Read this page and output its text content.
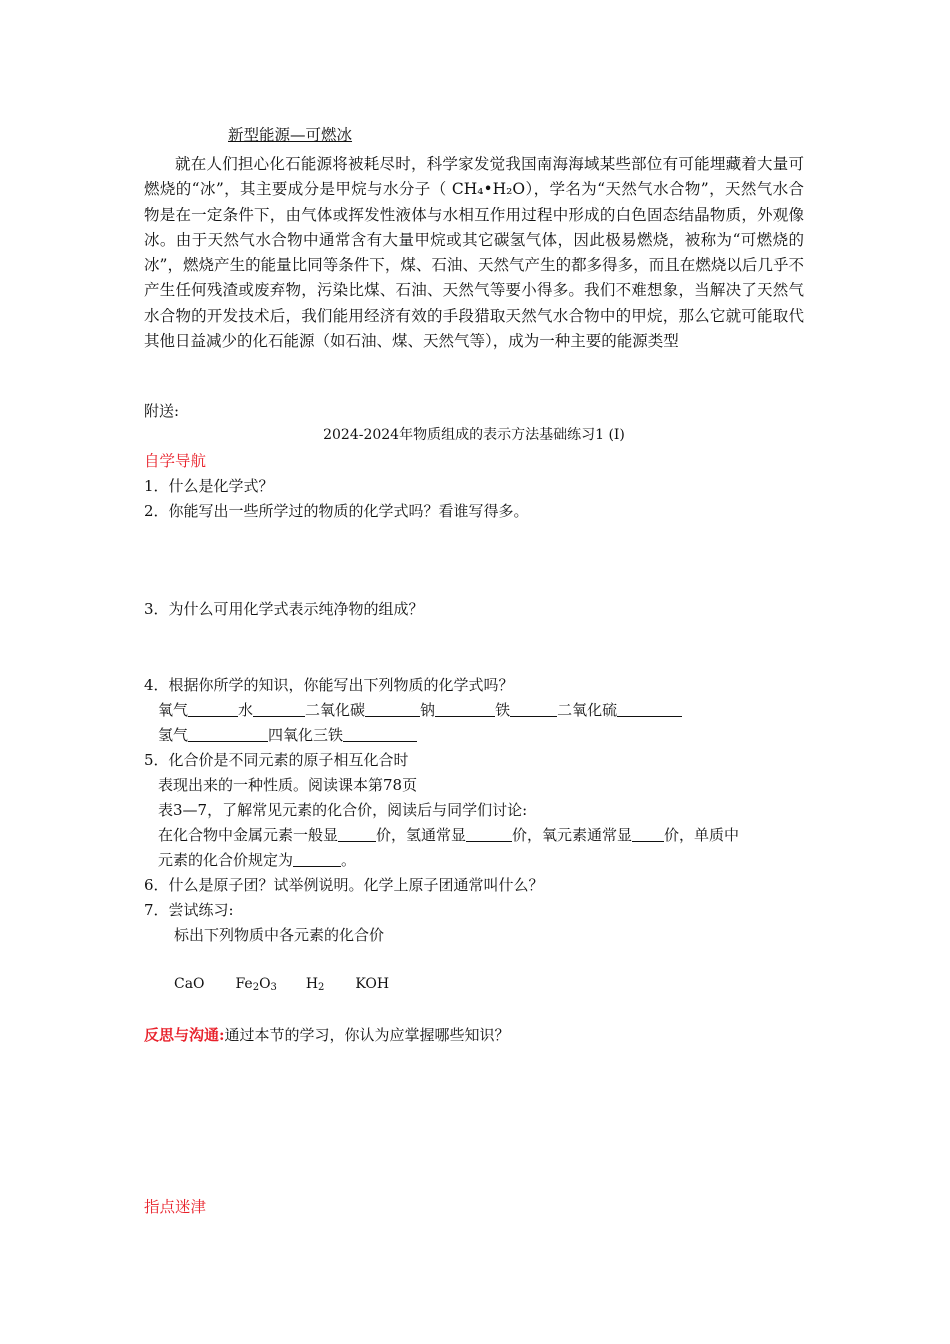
新型能源—可燃冰

就在人们担心化石能源将被耗尽时，科学家发觉我国南海海域某些部位有可能埋藏着大量可燃烧的“冰”，其主要成分是甲烷与水分子（ CH₄•H₂O），学名为“天然气水合物”，天然气水合物是在一定条件下，由气体或挥发性液体与水相互作用过程中形成的白色固态结晶物质，外观像冰。由于天然气水合物中通常含有大量甲烷或其它碳氢气体，因此极易燃烧，被称为“可燃烧的冰”，燃烧产生的能量比同等条件下，煤、石油、天然气产生的都多得多，而且在燃烧以后几乎不产生任何残渣或废弃物，污染比煤、石油、天然气等要小得多。我们不难想象，当解决了天然气水合物的开发技术后，我们能用经济有效的手段猎取天然气水合物中的甲烷，那么它就可能取代其他日益减少的化石能源（如石油、煤、天然气等），成为一种主要的能源类型

附送:
2024-2024年物质组成的表示方法基础练习1 (I)
自学导航
1．什么是化学式？
2．你能写出一些所学过的物质的化学式吗？看谁写得多。
3．为什么可用化学式表示纯净物的组成？
4．根据你所学的知识，你能写出下列物质的化学式吗？
氧气	水	二氧化碳	钠	铁	二氧化硫
氢气	四氧化三铁
5．化合价是不同元素的原子相互化合时
表现出来的一种性质。阅读课本第78页
表3—7，了解常见元素的化合价，阅读后与同学们讨论:
在化合物中金属元素一般显	价，氢通常显	价，氧元素通常显 价，单质中
元素的化合价规定为	。
6．什么是原子团？试举例说明。化学上原子团通常叫什么？
7．尝试练习:
标出下列物质中各元素的化合价
CaO $Fe_2O_3$ $H_2$ KOH
反思与沟通:通过本节的学习，你认为应掌握哪些知识？
指点迷津
